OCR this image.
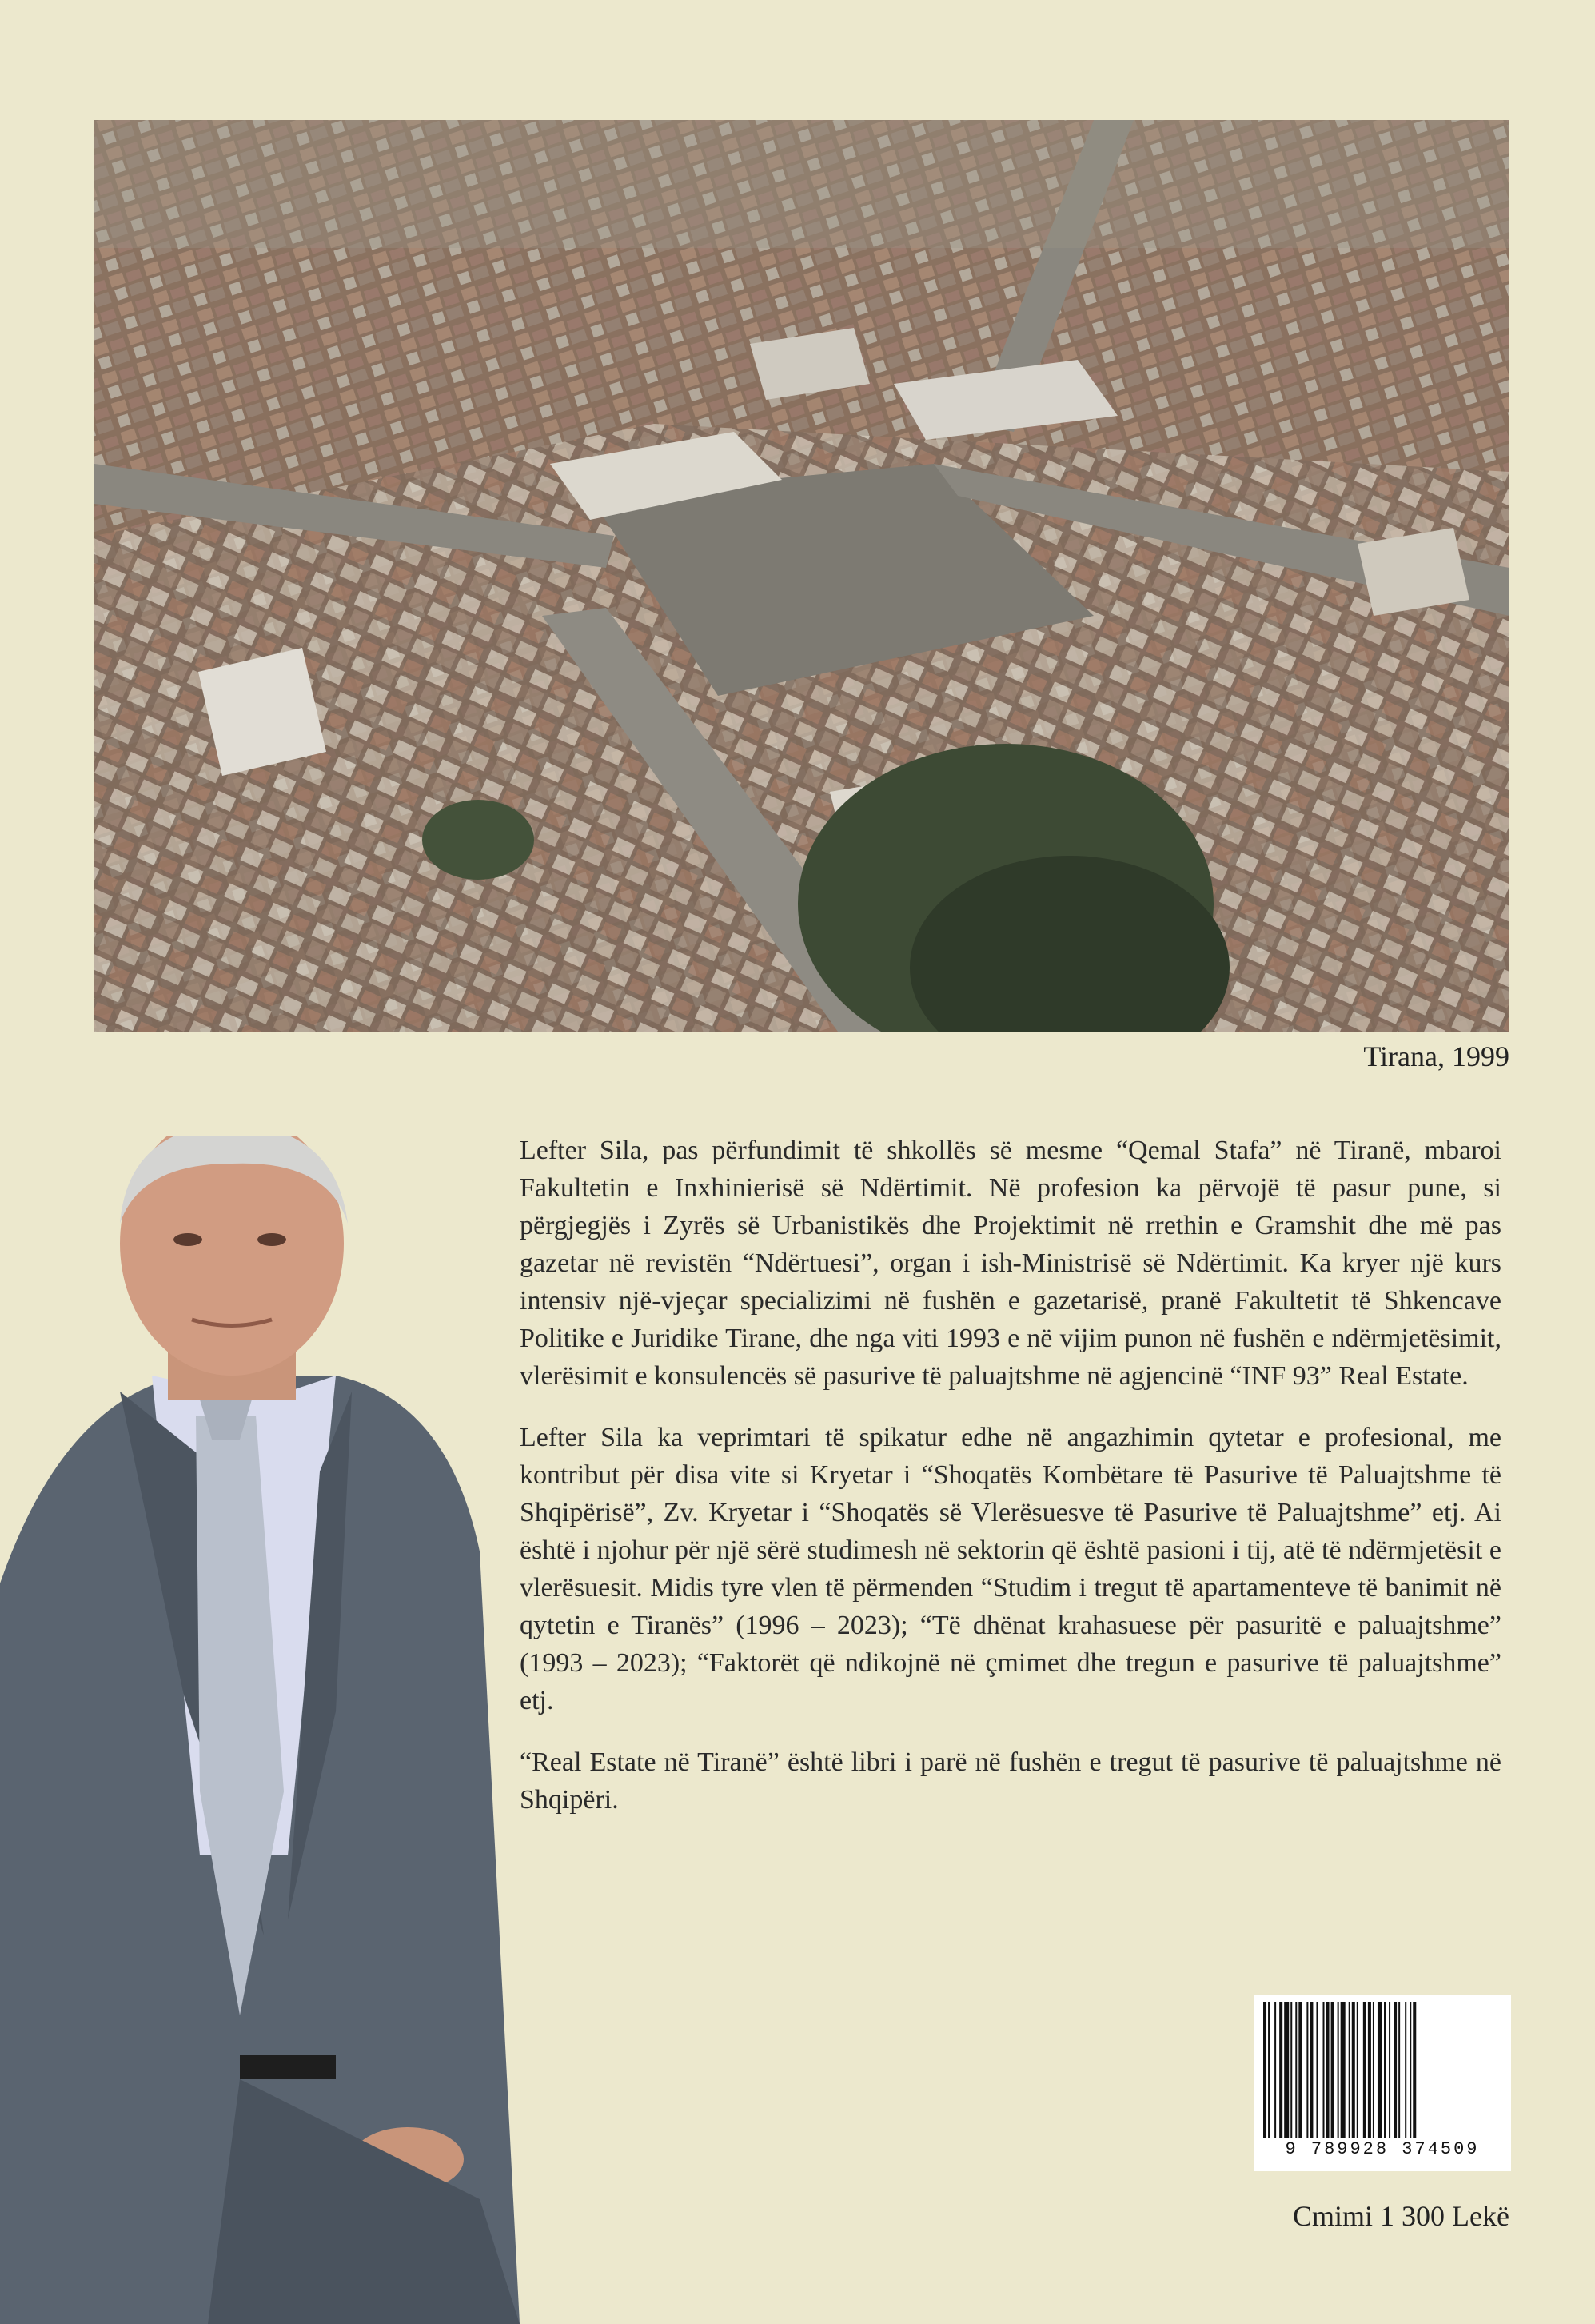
Tirana, 1999

Lefter Sila, pas përfundimit të shkollës së mesme “Qemal Stafa” në Tiranë, mbaroi Fakultetin e Inxhinierisë së Ndërtimit. Në profesion ka përvojë të pasur pune, si përgjegjës i Zyrës së Urbanistikës dhe Projektimit në rrethin e Gramshit dhe më pas gazetar në revistën “Ndërtuesi”, organ i ish-Ministrisë së Ndërtimit. Ka kryer një kurs intensiv një-vjeçar specializimi në fushën e gazetarisë, pranë Fakultetit të Shkencave Politike e Juridike Tirane, dhe nga viti 1993 e në vijim punon në fushën e ndërmjetësimit, vlerësimit e konsulencës së pasurive të paluajtshme në agjencinë “INF 93” Real Estate.

Lefter Sila ka veprimtari të spikatur edhe në angazhimin qytetar e profesional, me kontribut për disa vite si Kryetar i “Shoqatës Kombëtare të Pasurive të Paluajtshme të Shqipërisë”, Zv. Kryetar i “Shoqatës së Vlerësuesve të Pasurive të Paluajtshme” etj. Ai është i njohur për një sërë studimesh në sektorin që është pasioni i tij, atë të ndërmjetësit e vlerësuesit. Midis tyre vlen të përmenden “Studim i tregut të apartamenteve të banimit në qytetin e Tiranës” (1996 – 2023); “Të dhënat krahasuese për pasuritë e paluajtshme” (1993 – 2023); “Faktorët që ndikojnë në çmimet dhe tregun e pasurive të paluajtshme” etj.

“Real Estate në Tiranë” është libri i parë në fushën e tregut të pasurive të paluajtshme në Shqipëri.

9 789928 374509
Cmimi 1 300 Lekë
